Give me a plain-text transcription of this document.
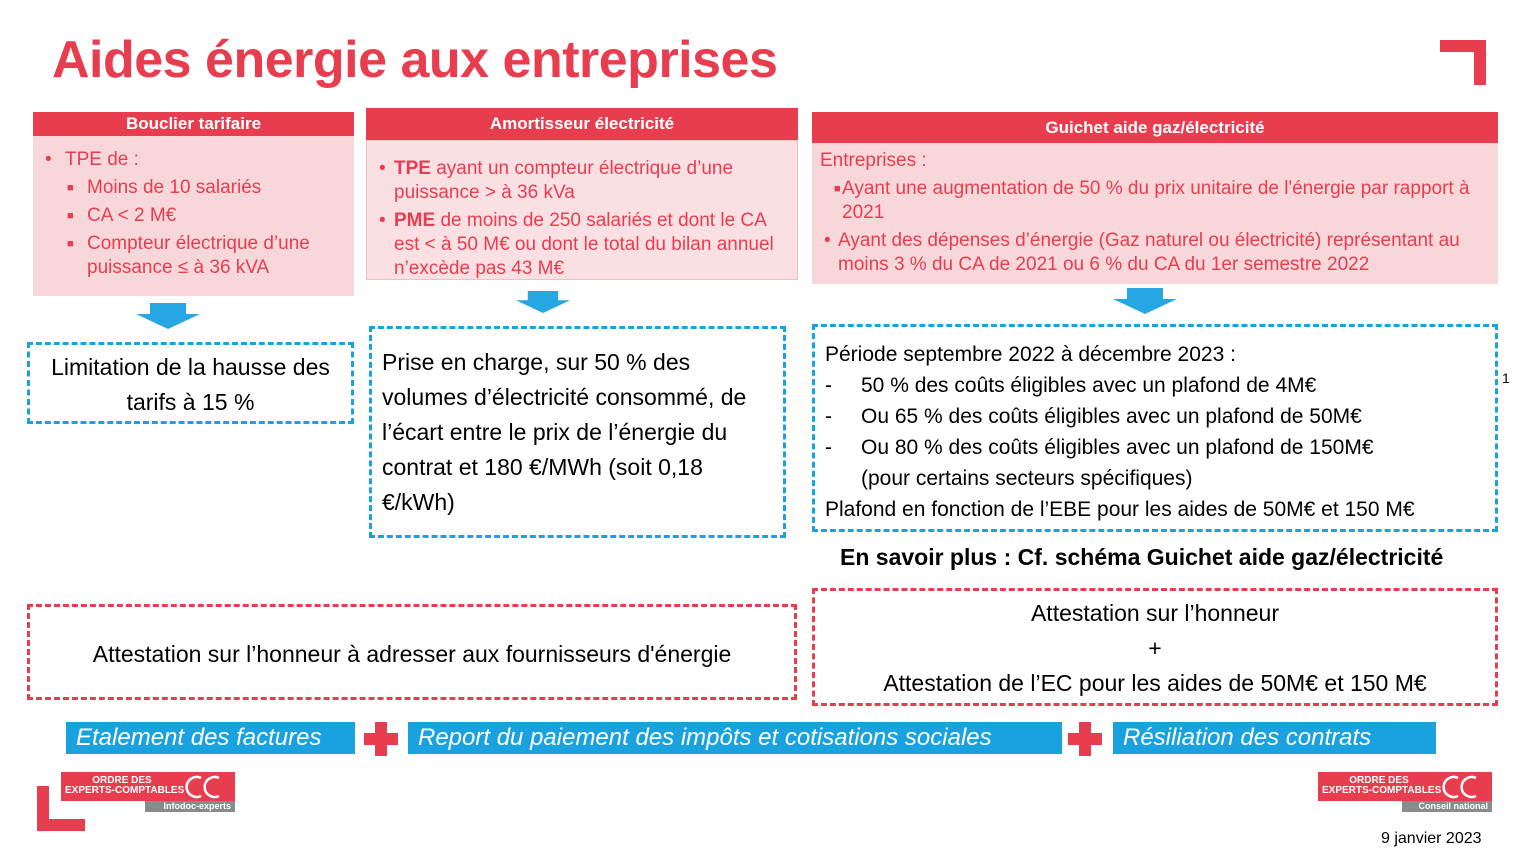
Aides énergie aux entreprises
Bouclier tarifaire
• TPE de :
■ Moins de 10 salariés
■ CA < 2 M€
■ Compteur électrique d’une puissance ≤ à 36 kVA
Amortisseur électricité
• TPE ayant un compteur électrique d’une puissance > à 36 kVa
• PME de moins de 250 salariés et dont le CA est < à 50 M€ ou dont le total du bilan annuel n’excède pas 43 M€
Guichet aide gaz/électricité
Entreprises :
■ Ayant une augmentation de 50 % du prix unitaire de l'énergie par rapport à 2021
• Ayant des dépenses d’énergie (Gaz naturel ou électricité) représentant au moins 3 % du CA de 2021 ou 6 % du CA du 1er semestre 2022
Limitation de la hausse des tarifs à 15 %
Prise en charge, sur 50 % des volumes d’électricité consommé, de l’écart entre le prix de l’énergie du contrat et 180 €/MWh (soit 0,18 €/kWh)
Période septembre 2022 à décembre 2023 :
- 50 % des coûts éligibles avec un plafond de 4M€
- Ou 65 % des coûts éligibles avec un plafond de 50M€
- Ou 80 % des coûts éligibles avec un plafond de 150M€ (pour certains secteurs spécifiques)
Plafond en fonction de l’EBE pour les aides de 50M€ et 150 M€
1
En savoir plus : Cf. schéma Guichet aide gaz/électricité
Attestation sur l’honneur à adresser aux fournisseurs d'énergie
Attestation sur l’honneur
+
Attestation de l’EC pour les aides de 50M€ et 150 M€
Etalement des factures	Report du paiement des impôts et cotisations sociales	Résiliation des contrats
ORDRE DES
EXPERTS-COMPTABLES
Infodoc-experts
ORDRE DES
EXPERTS-COMPTABLES
Conseil national
9 janvier 2023
